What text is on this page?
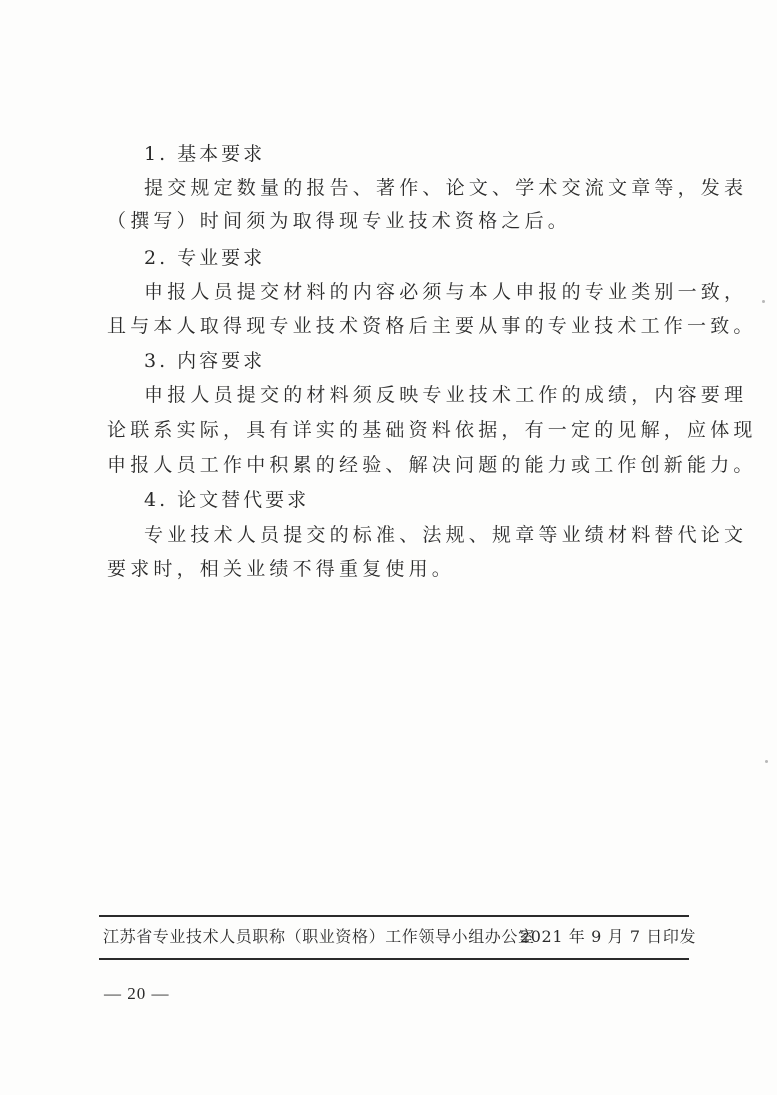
1. 基本要求
提交规定数量的报告、著作、论文、学术交流文章等，发表
（撰写）时间须为取得现专业技术资格之后。
2. 专业要求
申报人员提交材料的内容必须与本人申报的专业类别一致，
且与本人取得现专业技术资格后主要从事的专业技术工作一致。
3. 内容要求
申报人员提交的材料须反映专业技术工作的成绩，内容要理
论联系实际，具有详实的基础资料依据，有一定的见解，应体现
申报人员工作中积累的经验、解决问题的能力或工作创新能力。
4. 论文替代要求
专业技术人员提交的标准、法规、规章等业绩材料替代论文
要求时，相关业绩不得重复使用。
江苏省专业技术人员职称（职业资格）工作领导小组办公室
2021 年 9 月 7 日印发
— 20 —
